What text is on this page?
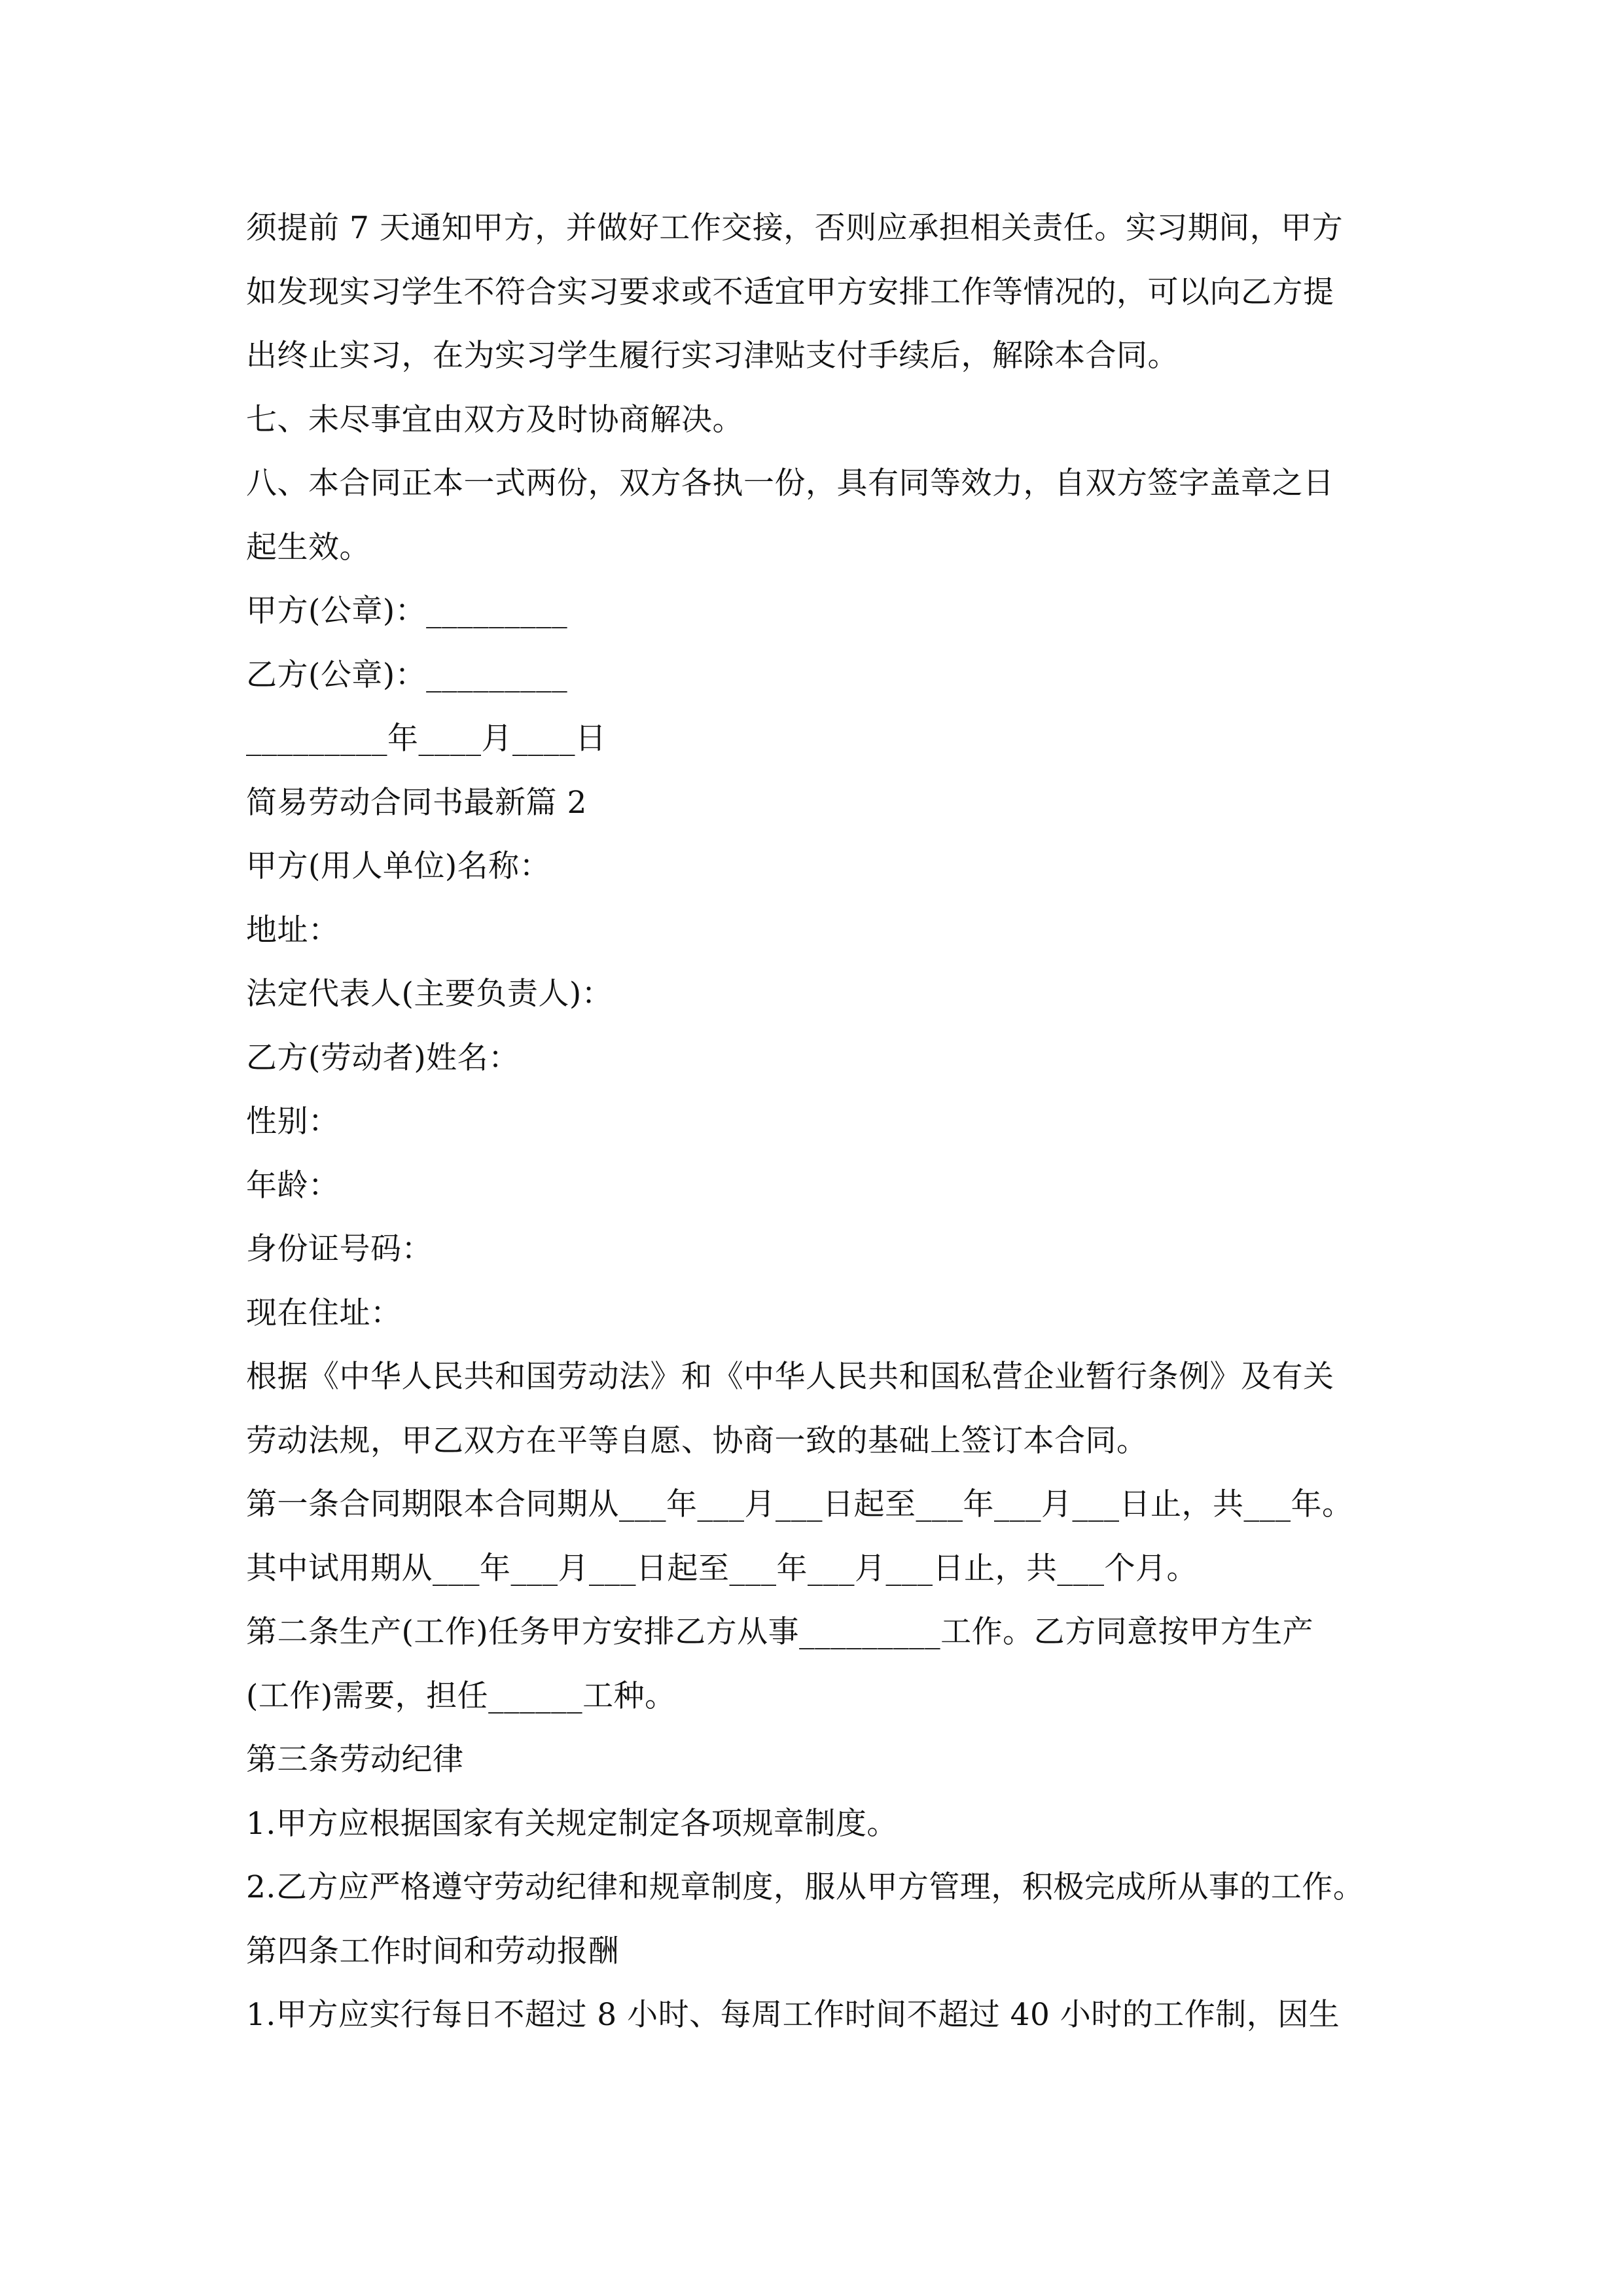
须提前 7 天通知甲方，并做好工作交接，否则应承担相关责任。实习期间，甲方
如发现实习学生不符合实习要求或不适宜甲方安排工作等情况的，可以向乙方提
出终止实习，在为实习学生履行实习津贴支付手续后，解除本合同。
七、未尽事宜由双方及时协商解决。
八、本合同正本一式两份，双方各执一份，具有同等效力，自双方签字盖章之日
起生效。
甲方(公章)：_________
乙方(公章)：_________
_________年____月____日
简易劳动合同书最新篇 2
甲方(用人单位)名称：
地址：
法定代表人(主要负责人)：
乙方(劳动者)姓名：
性别：
年龄：
身份证号码：
现在住址：
根据《中华人民共和国劳动法》和《中华人民共和国私营企业暂行条例》及有关
劳动法规，甲乙双方在平等自愿、协商一致的基础上签订本合同。
第一条合同期限本合同期从___年___月___日起至___年___月___日止，共___年。
其中试用期从___年___月___日起至___年___月___日止，共___个月。
第二条生产(工作)任务甲方安排乙方从事_________工作。乙方同意按甲方生产
(工作)需要，担任______工种。
第三条劳动纪律
1.甲方应根据国家有关规定制定各项规章制度。
2.乙方应严格遵守劳动纪律和规章制度，服从甲方管理，积极完成所从事的工作。
第四条工作时间和劳动报酬
1.甲方应实行每日不超过 8 小时、每周工作时间不超过 40 小时的工作制，因生
